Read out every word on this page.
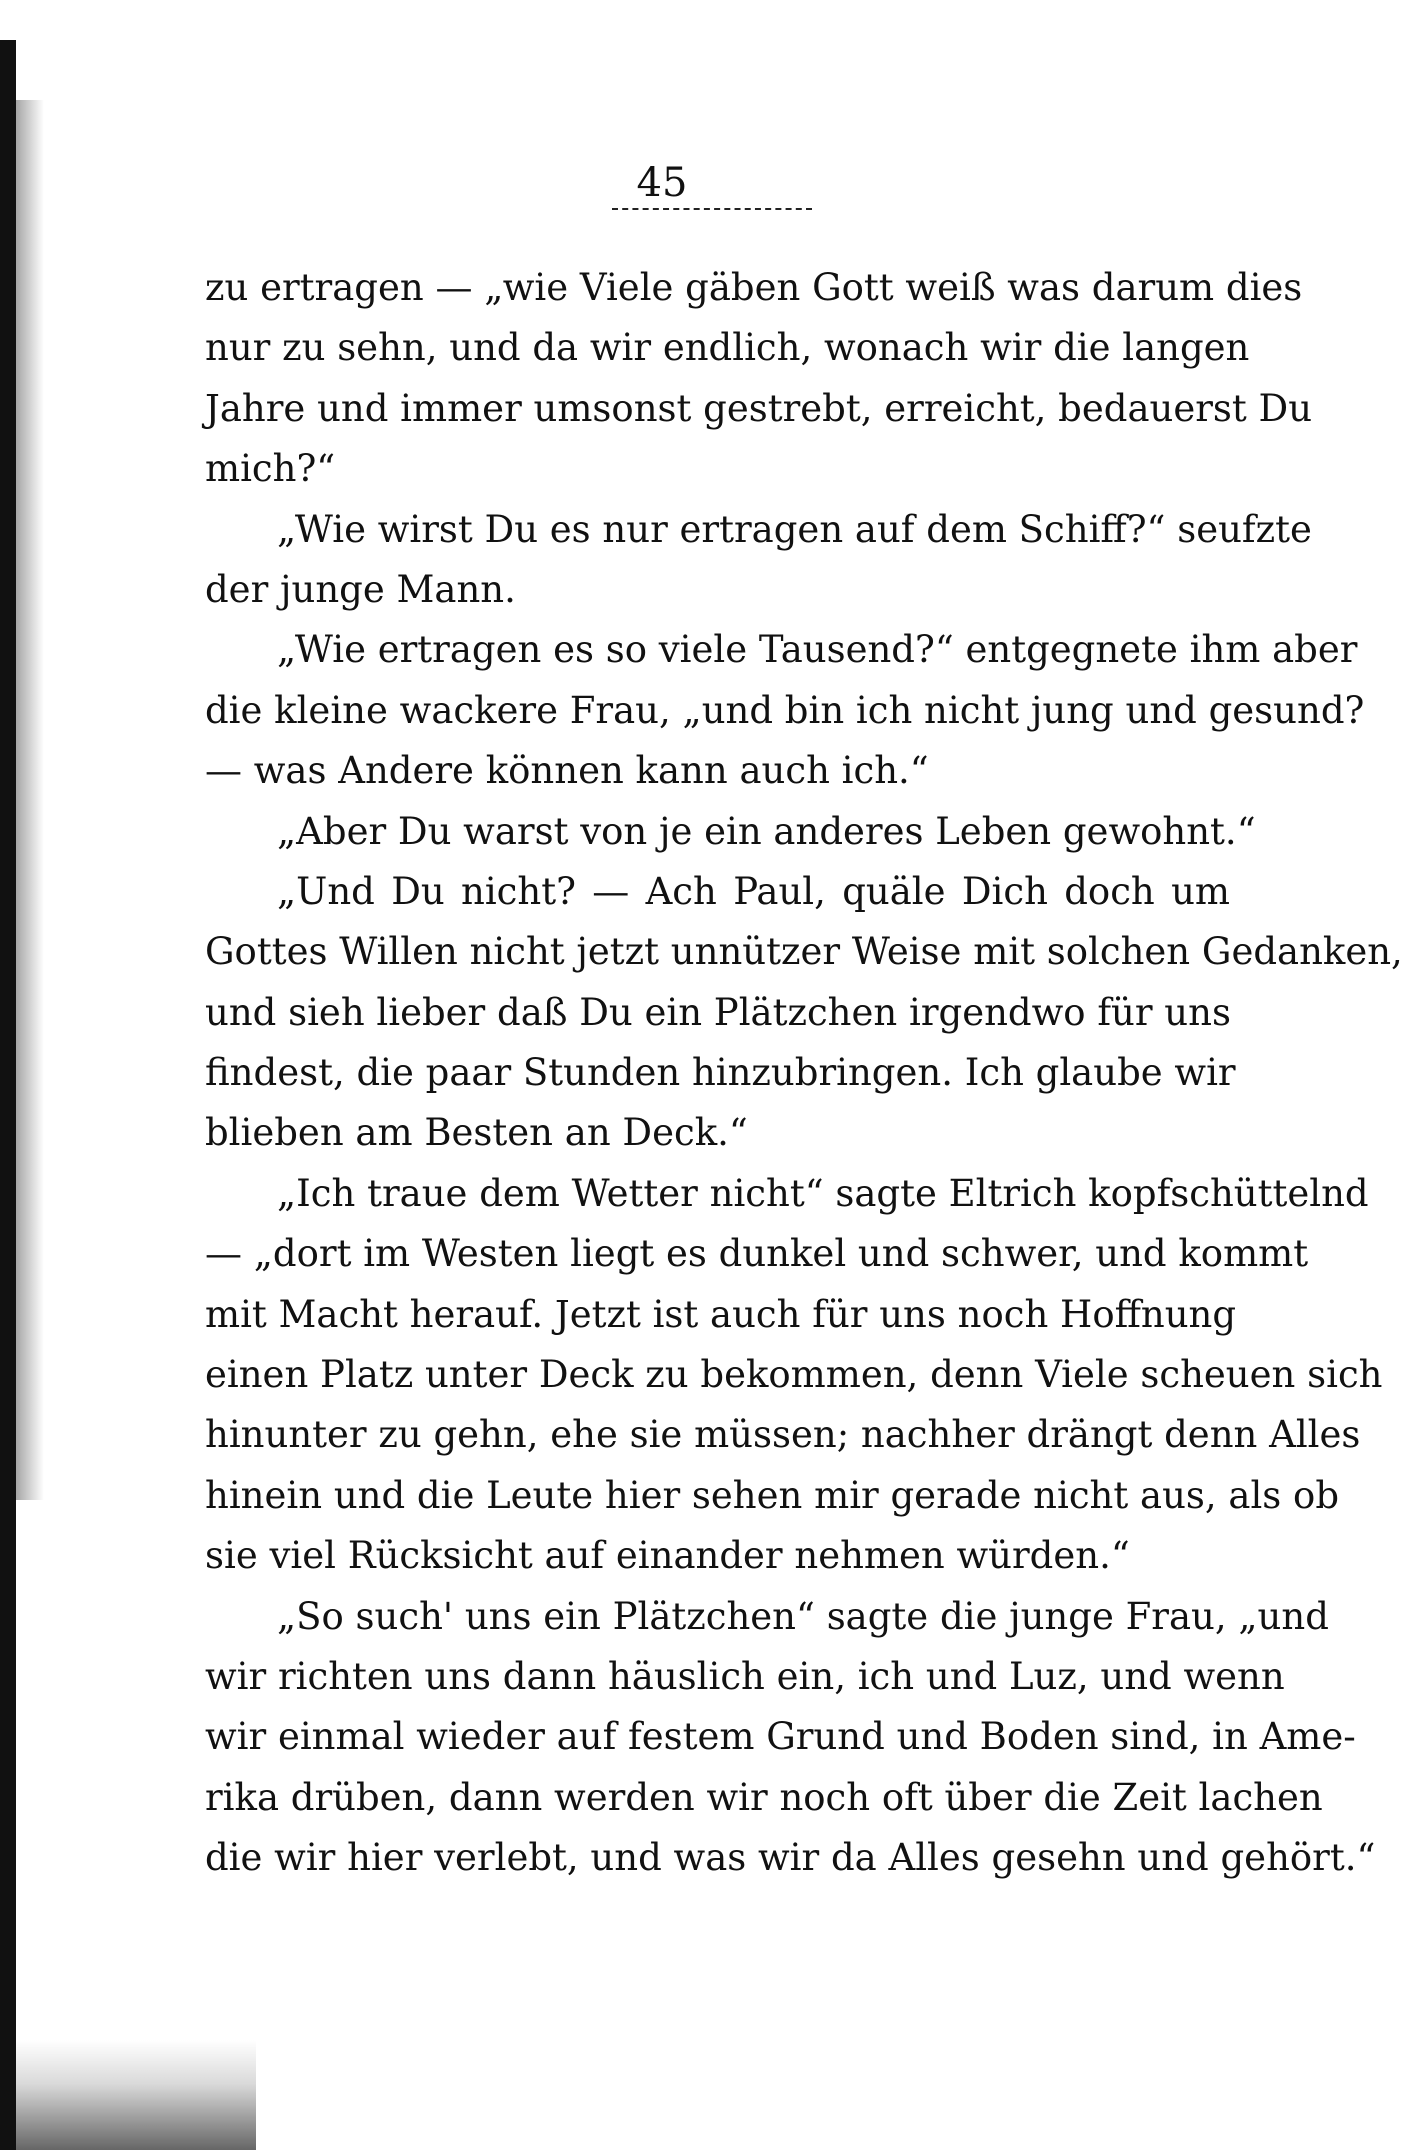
45
zu ertragen — „wie Viele gäben Gott weiß was darum dies
nur zu sehn, und da wir endlich, wonach wir die langen
Jahre und immer umsonst gestrebt, erreicht, bedauerst Du
mich?“
„Wie wirst Du es nur ertragen auf dem Schiff?“ seufzte
der junge Mann.
„Wie ertragen es so viele Tausend?“ entgegnete ihm aber
die kleine wackere Frau, „und bin ich nicht jung und gesund?
— was Andere können kann auch ich.“
„Aber Du warst von je ein anderes Leben gewohnt.“
„Und Du nicht? — Ach Paul, quäle Dich doch um
Gottes Willen nicht jetzt unnützer Weise mit solchen Gedanken,
und sieh lieber daß Du ein Plätzchen irgendwo für uns
findest, die paar Stunden hinzubringen. Ich glaube wir
blieben am Besten an Deck.“
„Ich traue dem Wetter nicht“ sagte Eltrich kopfschüttelnd
— „dort im Westen liegt es dunkel und schwer, und kommt
mit Macht herauf. Jetzt ist auch für uns noch Hoffnung
einen Platz unter Deck zu bekommen, denn Viele scheuen sich
hinunter zu gehn, ehe sie müssen; nachher drängt denn Alles
hinein und die Leute hier sehen mir gerade nicht aus, als ob
sie viel Rücksicht auf einander nehmen würden.“
„So such' uns ein Plätzchen“ sagte die junge Frau, „und
wir richten uns dann häuslich ein, ich und Luz, und wenn
wir einmal wieder auf festem Grund und Boden sind, in Ame-
rika drüben, dann werden wir noch oft über die Zeit lachen
die wir hier verlebt, und was wir da Alles gesehn und gehört.“
